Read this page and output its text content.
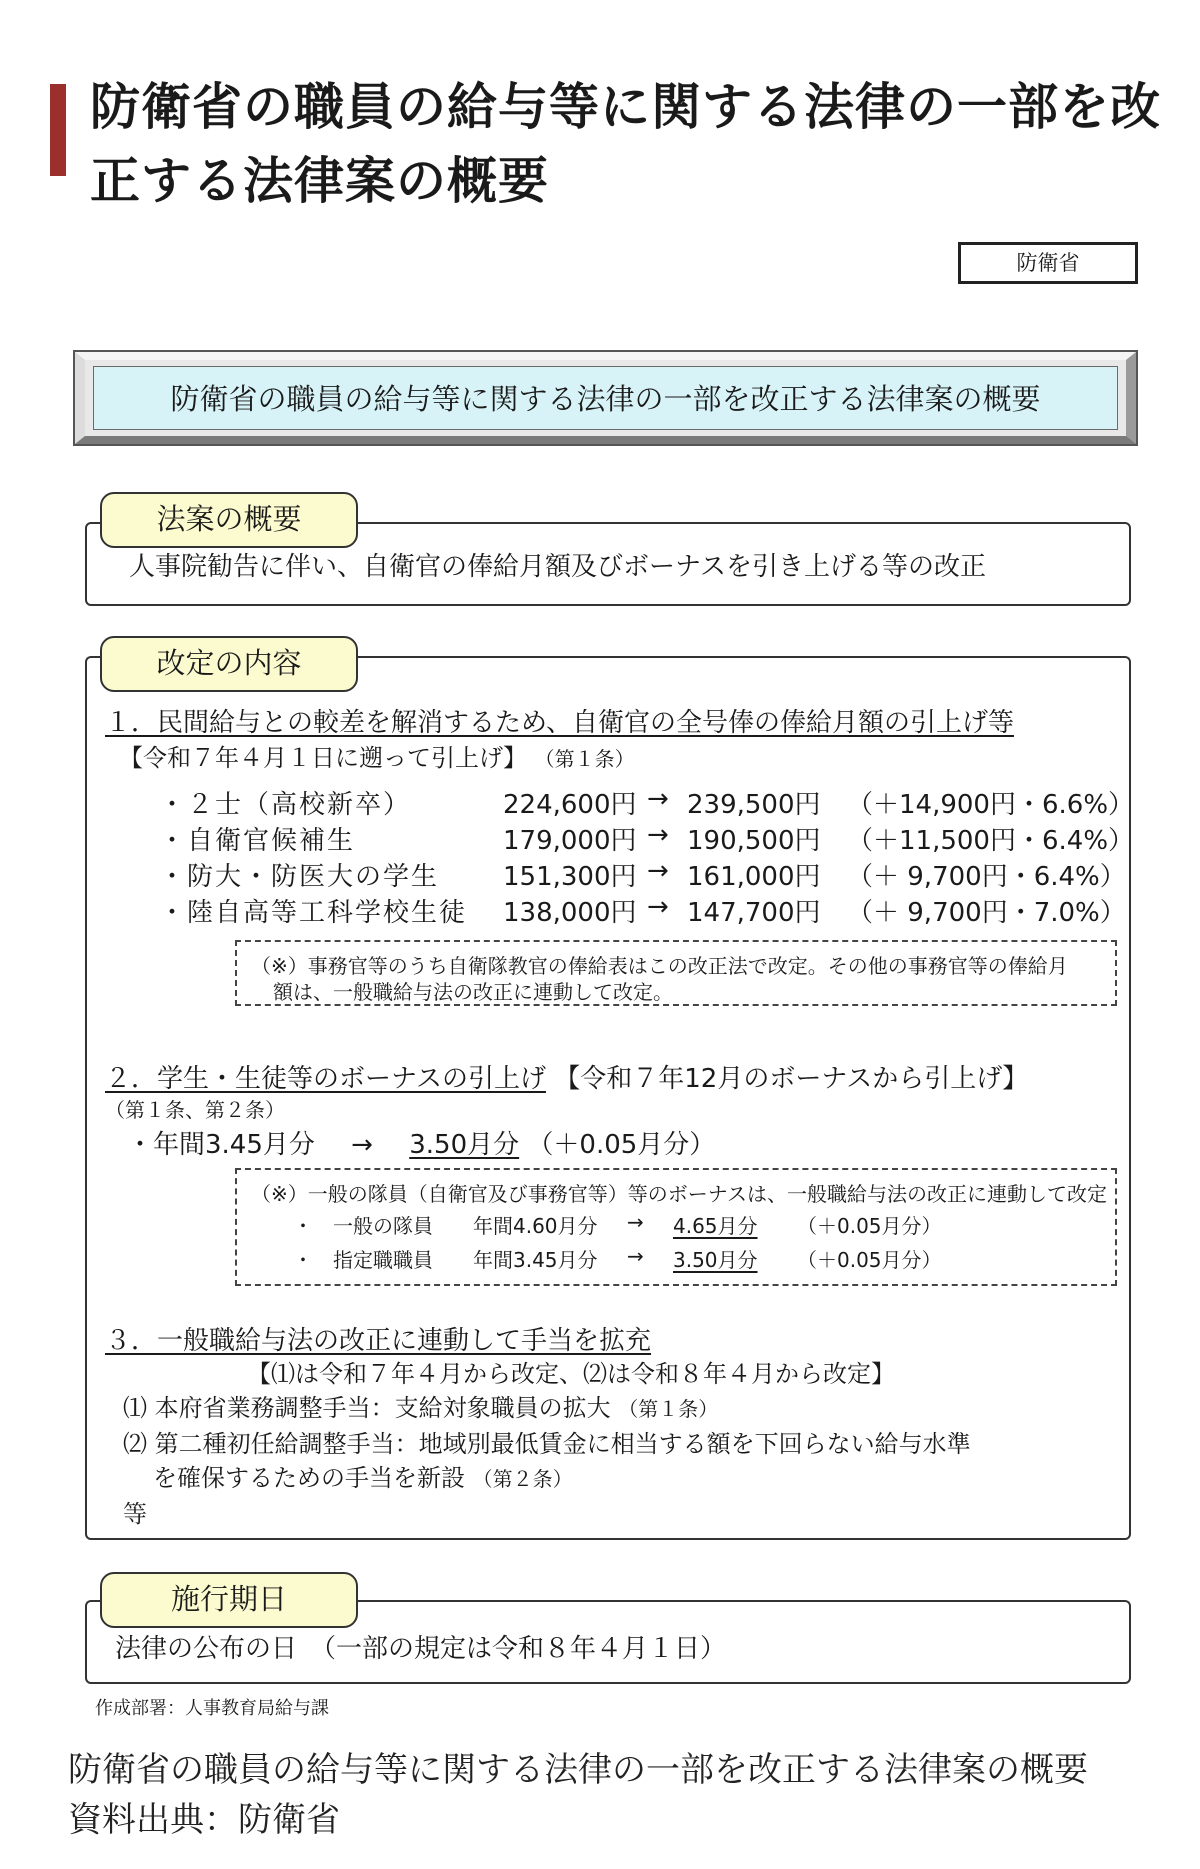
防衛省の職員の給与等に関する法律の一部を改正する法律案の概要
防衛省
防衛省の職員の給与等に関する法律の一部を改正する法律案の概要
人事院勧告に伴い、自衛官の俸給月額及びボーナスを引き上げる等の改正
法案の概要
１．民間給与との較差を解消するため、自衛官の全号俸の俸給月額の引上げ等
【令和７年４月１日に遡って引上げ】 （第１条）
・２士（高校新卒）	224,600円 → 239,500円 （＋14,900円・6.6%）
・自衛官候補生	179,000円 → 190,500円 （＋11,500円・6.4%）
・防大・防医大の学生 151,300円 → 161,000円 （＋ 9,700円・6.4%）
・陸自高等工科学校生徒 138,000円 → 147,700円 （＋ 9,700円・7.0%）
（※）事務官等のうち自衛隊教官の俸給表はこの改正法で改定。その他の事務官等の俸給月
額は、一般職給与法の改正に連動して改定。
２．学生・生徒等のボーナスの引上げ 【令和７年12月のボーナスから引上げ】
（第１条、第２条）
・年間3.45月分 → 3.50月分 （＋0.05月分）
（※）一般の隊員（自衛官及び事務官等）等のボーナスは、一般職給与法の改正に連動して改定
・　一般の隊員 年間4.60月分 → 4.65月分 （＋0.05月分）
・　指定職職員 年間3.45月分 → 3.50月分 （＋0.05月分）
３．一般職給与法の改正に連動して手当を拡充
【⑴は令和７年４月から改定、⑵は令和８年４月から改定】
⑴ 本府省業務調整手当：支給対象職員の拡大 （第１条）
⑵ 第二種初任給調整手当：地域別最低賃金に相当する額を下回らない給与水準
を確保するための手当を新設 （第２条）
等
改定の内容
法律の公布の日　（一部の規定は令和８年４月１日）
施行期日
作成部署：人事教育局給与課
防衛省の職員の給与等に関する法律の一部を改正する法律案の概要　資料出典：防衛省
